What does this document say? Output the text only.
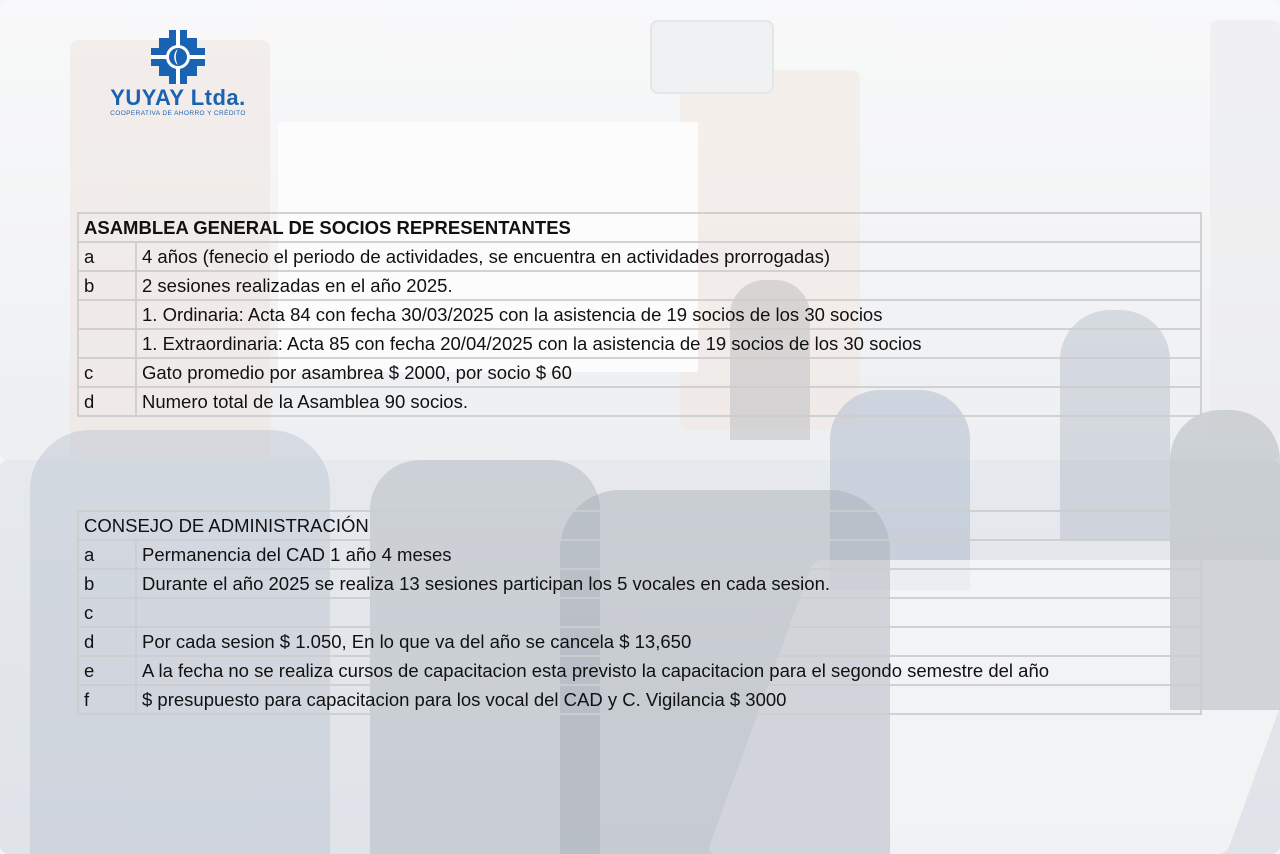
YUYAY Ltda.
COOPERATIVA DE AHORRO Y CRÉDITO
ASAMBLEA GENERAL DE SOCIOS REPRESENTANTES	
a	4 años (fenecio el periodo de actividades, se encuentra en actividades prorrogadas)
b	2 sesiones realizadas en el año 2025.
	1. Ordinaria: Acta 84 con fecha 30/03/2025 con la asistencia de 19 socios de los 30 socios
	1. Extraordinaria: Acta 85 con fecha 20/04/2025 con la asistencia de 19 socios de los 30 socios
c	Gato promedio por asambrea $ 2000, por socio $ 60
d	Numero total de la Asamblea 90 socios.
CONSEJO DE ADMINISTRACIÓN	
a	Permanencia del CAD 1 año 4 meses
b	Durante el año 2025 se realiza 13 sesiones participan los 5 vocales en cada sesion.
c	
d	Por cada sesion $ 1.050, En lo que va del año se cancela $ 13,650
e	A la fecha no se realiza cursos de capacitacion esta previsto la capacitacion para el segondo semestre del año
f	$ presupuesto para capacitacion para los vocal del CAD y C. Vigilancia $ 3000
